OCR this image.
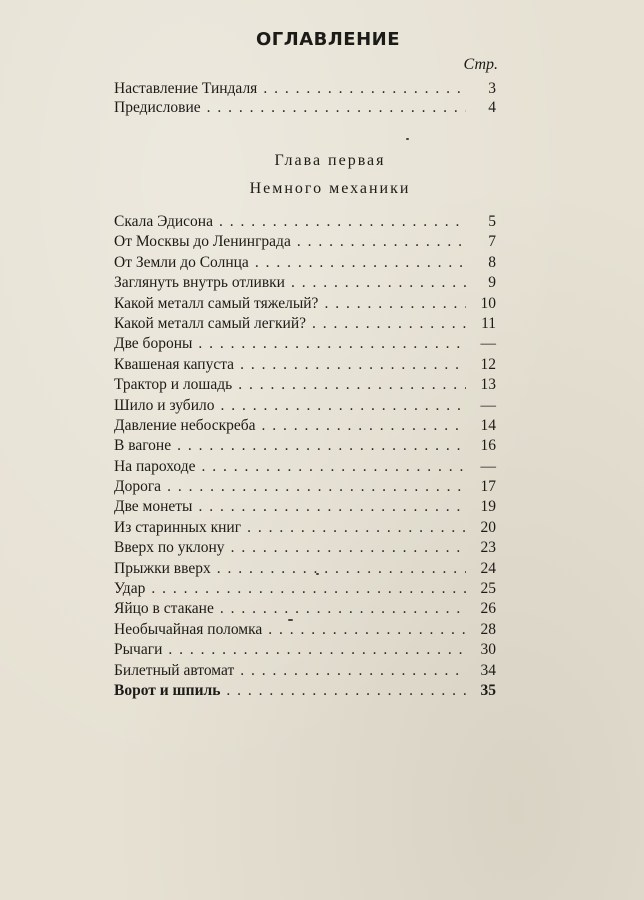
ОГЛАВЛЕНИЕ
Стр.
Наставление Тиндаля . . .	3
Предисловие . . .	4
Глава первая
Немного механики
Скала Эдисона . . .	5
От Москвы до Ленинграда . . .	7
От Земли до Солнца . . .	8
Заглянуть внутрь отливки . . .	9
Какой металл самый тяжелый? . . .	10
Какой металл самый легкий? . . .	11
Две бороны . . .	—
Квашеная капуста . . .	12
Трактор и лошадь . . .	13
Шило и зубило . . .	—
Давление небоскреба . . .	14
В вагоне . . .	16
На пароходе . . .	—
Дорога . . .	17
Две монеты . . .	19
Из старинных книг . . .	20
Вверх по уклону . . .	23
Прыжки вверх . . .	24
Удар . . .	25
Яйцо в стакане . . .	26
Необычайная поломка . . .	28
Рычаги . . .	30
Билетный автомат . . .	34
Ворот и шпиль . . .	35
